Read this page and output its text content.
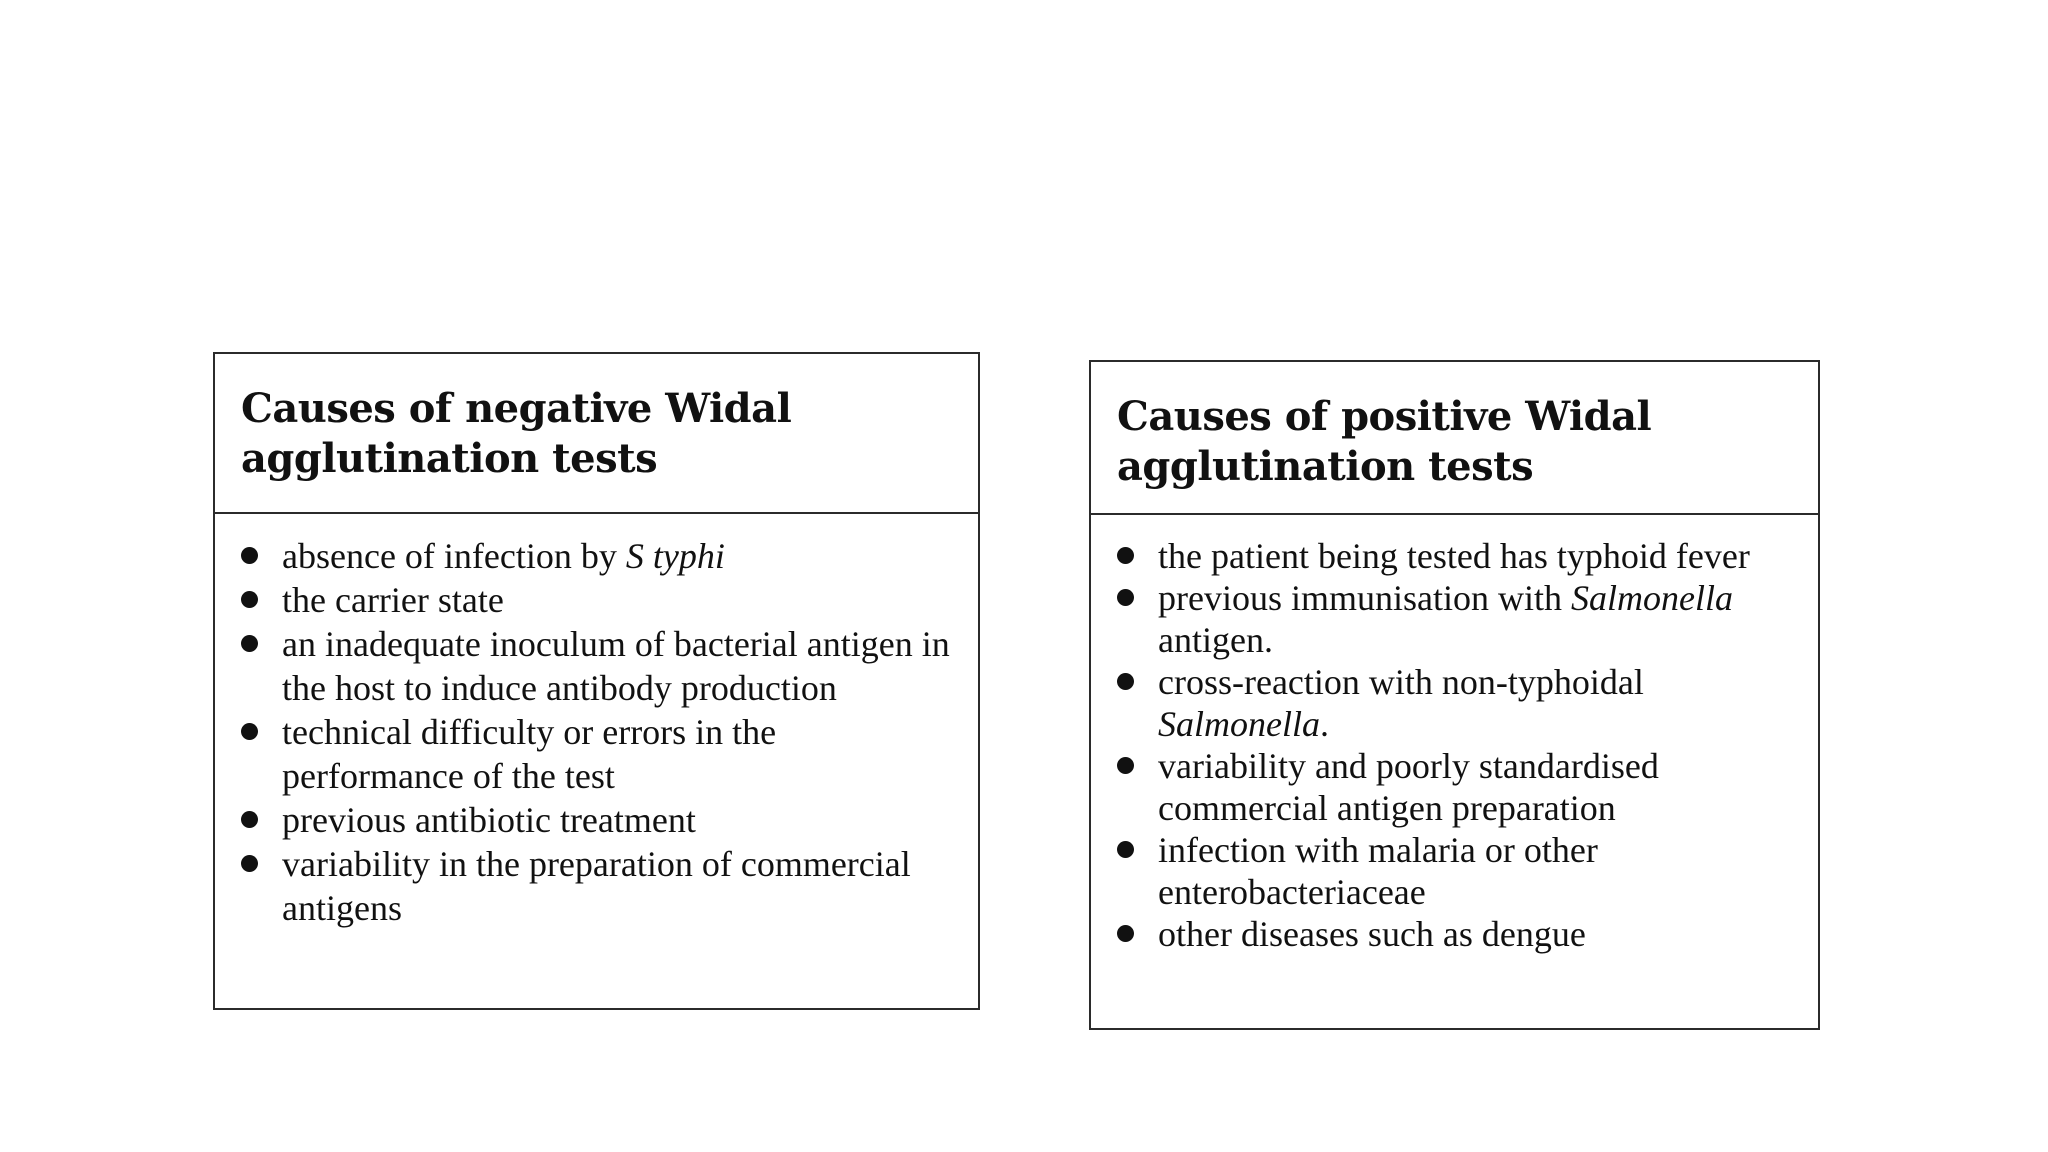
Causes of negative Widal agglutination tests
absence of infection by S typhi
the carrier state
an inadequate inoculum of bacterial antigen in the host to induce antibody production
technical difficulty or errors in the performance of the test
previous antibiotic treatment
variability in the preparation of commercial antigens
Causes of positive Widal agglutination tests
the patient being tested has typhoid fever
previous immunisation with Salmonella antigen.
cross-reaction with non-typhoidal Salmonella.
variability and poorly standardised commercial antigen preparation
infection with malaria or other enterobacteriaceae
other diseases such as dengue
